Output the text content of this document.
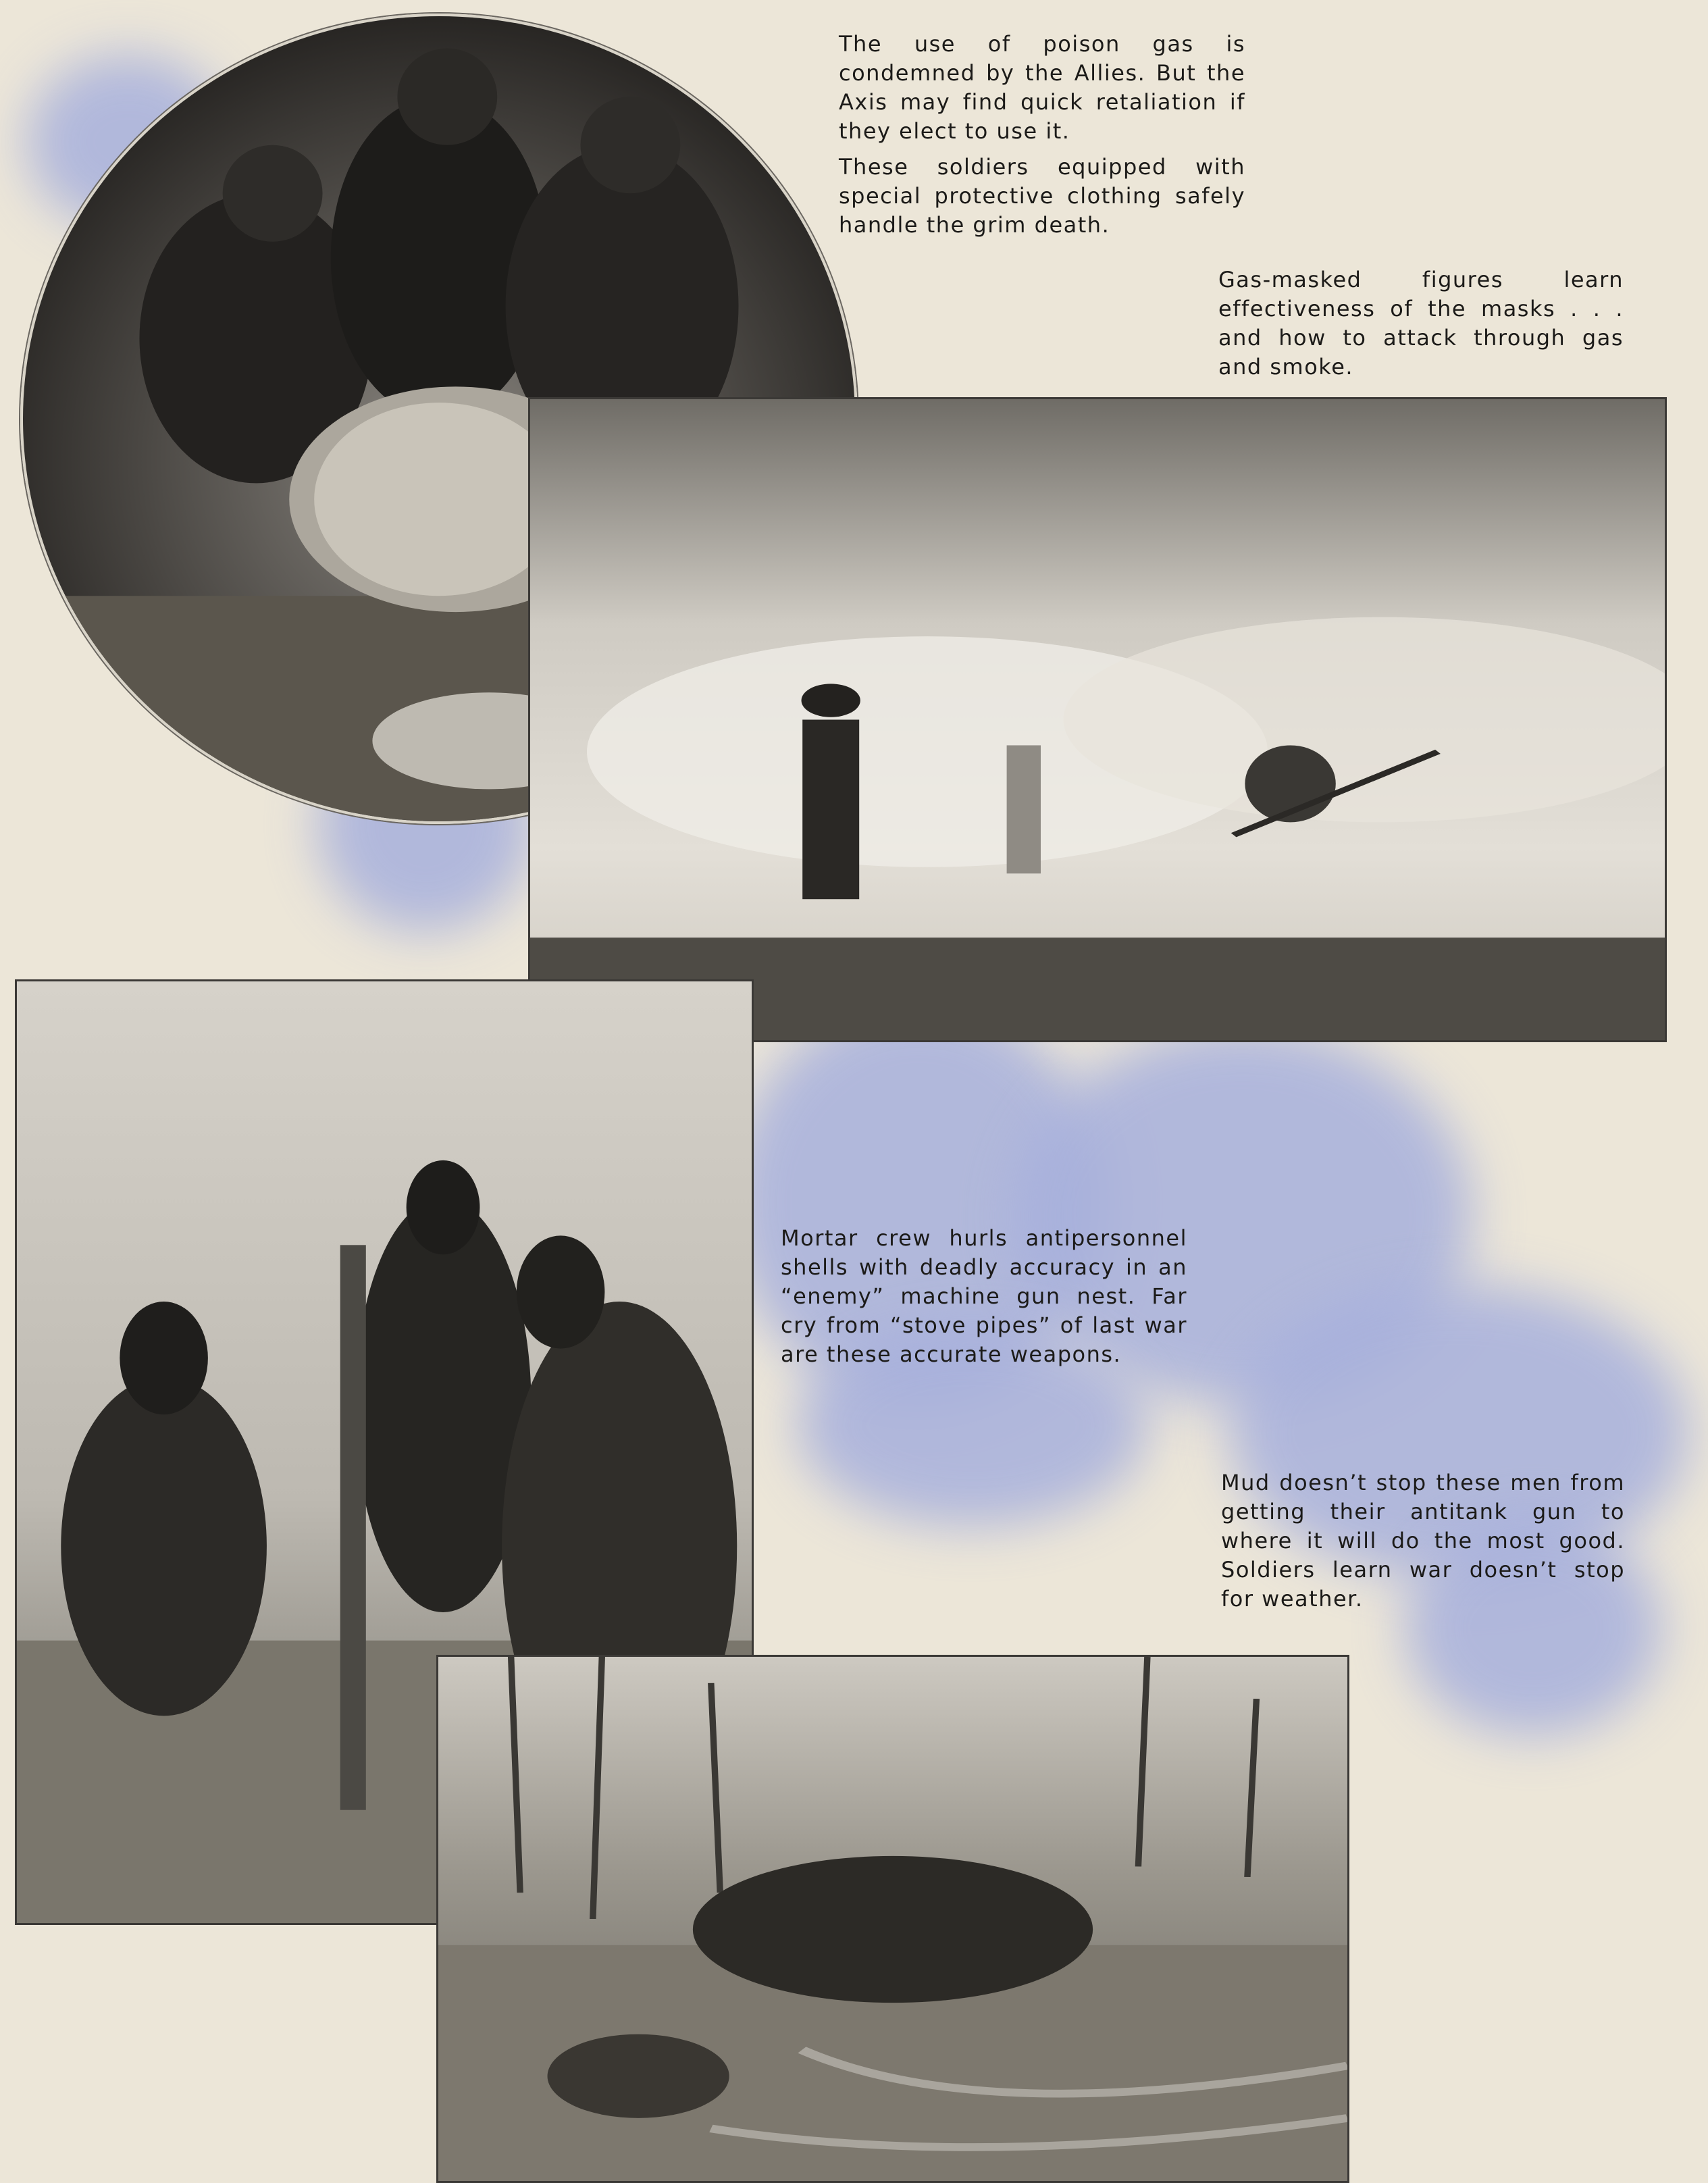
The use of poison gas is condemned by the Allies. But the Axis may find quick retaliation if they elect to use it.
These soldiers equipped with special protective clothing safely handle the grim death.
Gas-masked figures learn effectiveness of the masks . . . and how to attack through gas and smoke.
Mortar crew hurls antipersonnel shells with deadly accuracy in an “enemy” machine gun nest. Far cry from “stove pipes” of last war are these accurate weapons.
Mud doesn’t stop these men from getting their antitank gun to where it will do the most good. Soldiers learn war doesn’t stop for weather.
